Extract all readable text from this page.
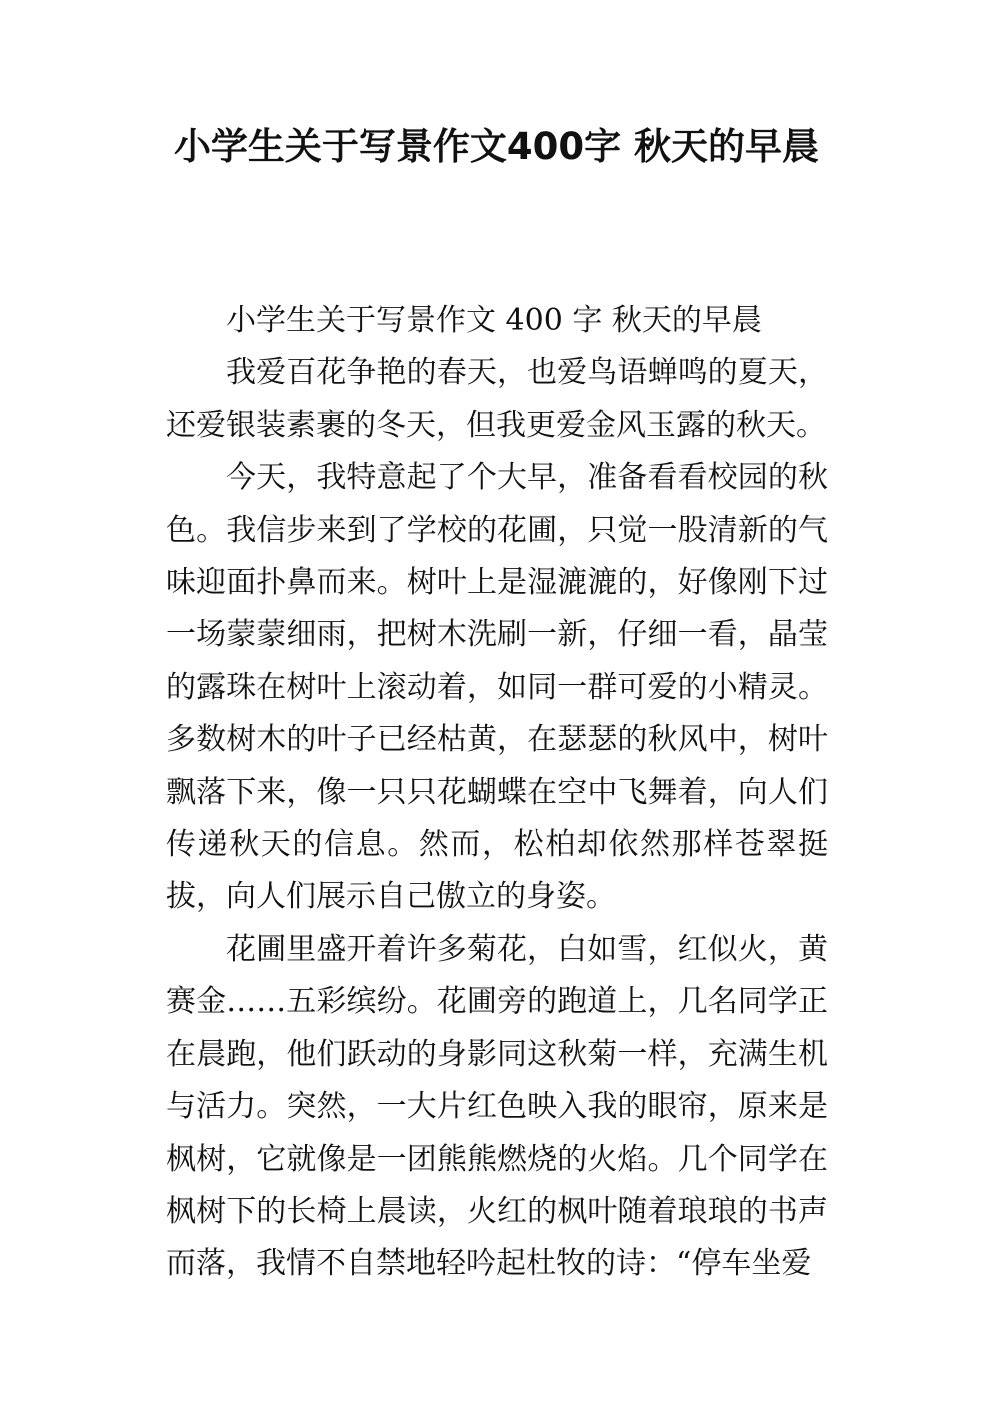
小学生关于写景作文400字 秋天的早晨

小学生关于写景作文 400 字 秋天的早晨

我爱百花争艳的春天，也爱鸟语蝉鸣的夏天，还爱银装素裹的冬天，但我更爱金风玉露的秋天。

今天，我特意起了个大早，准备看看校园的秋色。我信步来到了学校的花圃，只觉一股清新的气味迎面扑鼻而来。树叶上是湿漉漉的，好像刚下过一场蒙蒙细雨，把树木洗刷一新，仔细一看，晶莹的露珠在树叶上滚动着，如同一群可爱的小精灵。多数树木的叶子已经枯黄，在瑟瑟的秋风中，树叶飘落下来，像一只只花蝴蝶在空中飞舞着，向人们传递秋天的信息。然而，松柏却依然那样苍翠挺拔，向人们展示自己傲立的身姿。

花圃里盛开着许多菊花，白如雪，红似火，黄赛金……五彩缤纷。花圃旁的跑道上，几名同学正在晨跑，他们跃动的身影同这秋菊一样，充满生机与活力。突然，一大片红色映入我的眼帘，原来是枫树，它就像是一团熊熊燃烧的火焰。几个同学在枫树下的长椅上晨读，火红的枫叶随着琅琅的书声而落，我情不自禁地轻吟起杜牧的诗：“停车坐爱
